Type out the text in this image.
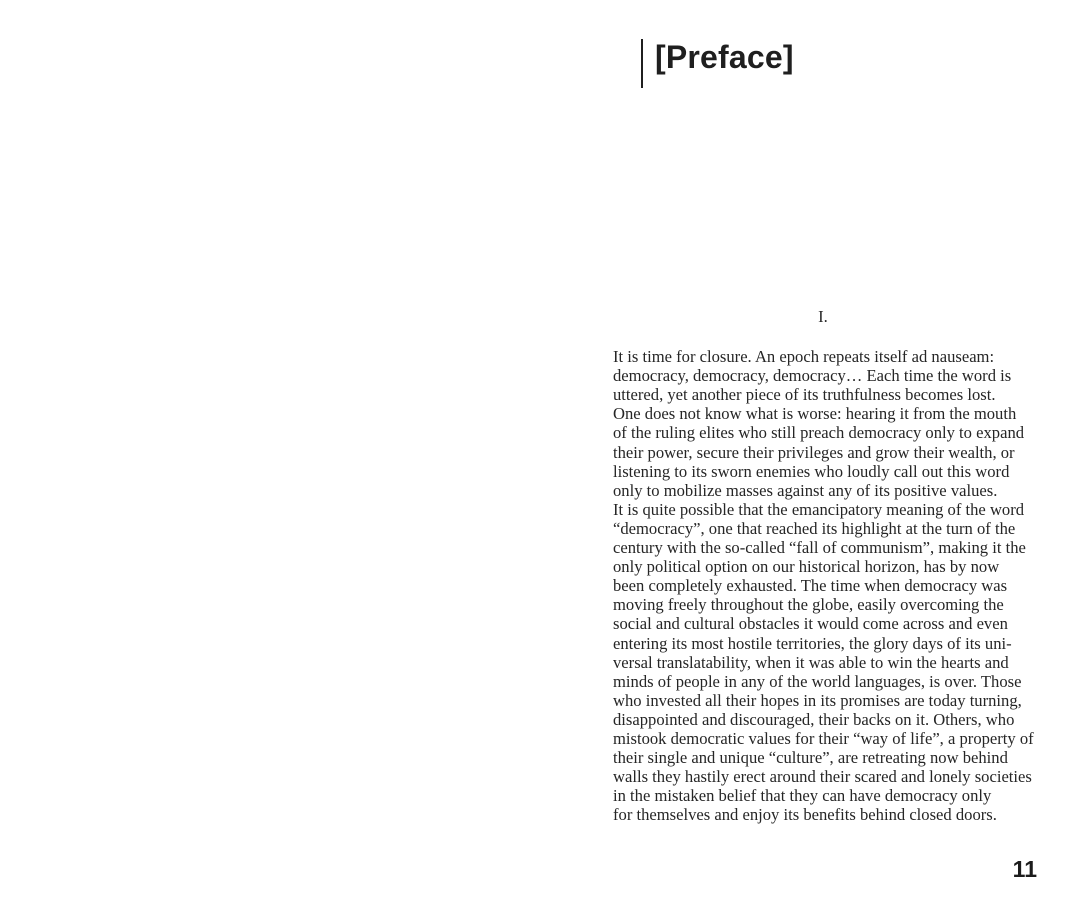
[Preface]
I.
It is time for closure. An epoch repeats itself ad nauseam:
democracy, democracy, democracy… Each time the word is
uttered, yet another piece of its truthfulness becomes lost.
One does not know what is worse: hearing it from the mouth
of the ruling elites who still preach democracy only to expand
their power, secure their privileges and grow their wealth, or
listening to its sworn enemies who loudly call out this word
only to mobilize masses against any of its positive values.
It is quite possible that the emancipatory meaning of the word
“democracy”, one that reached its highlight at the turn of the
century with the so-called “fall of communism”, making it the
only political option on our historical horizon, has by now
been completely exhausted. The time when democracy was
moving freely throughout the globe, easily overcoming the
social and cultural obstacles it would come across and even
entering its most hostile territories, the glory days of its uni-
versal translatability, when it was able to win the hearts and
minds of people in any of the world languages, is over. Those
who invested all their hopes in its promises are today turning,
disappointed and discouraged, their backs on it. Others, who
mistook democratic values for their “way of life”, a property of
their single and unique “culture”, are retreating now behind
walls they hastily erect around their scared and lonely societies
in the mistaken belief that they can have democracy only
for themselves and enjoy its benefits behind closed doors.
11
